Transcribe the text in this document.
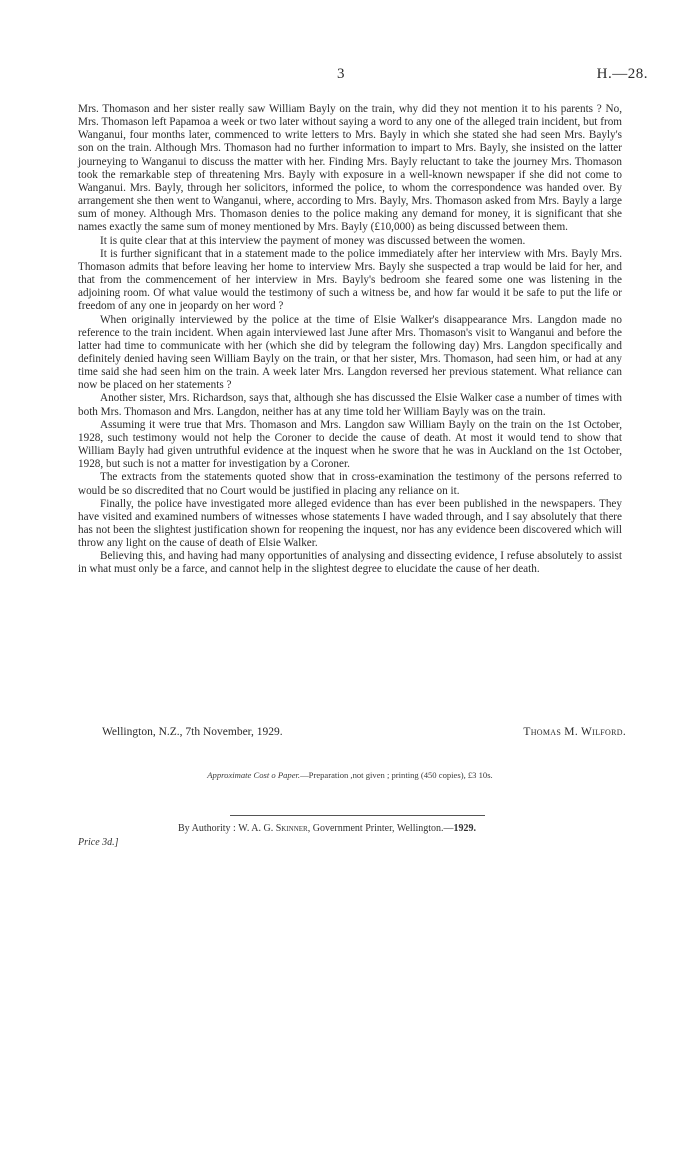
3	H.—28.

Mrs. Thomason and her sister really saw William Bayly on the train, why did they not mention it to his parents ? No, Mrs. Thomason left Papamoa a week or two later without saying a word to any one of the alleged train incident, but from Wanganui, four months later, commenced to write letters to Mrs. Bayly in which she stated she had seen Mrs. Bayly's son on the train. Although Mrs. Thomason had no further information to impart to Mrs. Bayly, she insisted on the latter journeying to Wanganui to discuss the matter with her. Finding Mrs. Bayly reluctant to take the journey Mrs. Thomason took the remarkable step of threatening Mrs. Bayly with exposure in a well-known newspaper if she did not come to Wanganui. Mrs. Bayly, through her solicitors, informed the police, to whom the correspondence was handed over. By arrangement she then went to Wanganui, where, according to Mrs. Bayly, Mrs. Thomason asked from Mrs. Bayly a large sum of money. Although Mrs. Thomason denies to the police making any demand for money, it is significant that she names exactly the same sum of money mentioned by Mrs. Bayly (£10,000) as being discussed between them.

It is quite clear that at this interview the payment of money was discussed between the women.

It is further significant that in a statement made to the police immediately after her interview with Mrs. Bayly Mrs. Thomason admits that before leaving her home to interview Mrs. Bayly she suspected a trap would be laid for her, and that from the commencement of her interview in Mrs. Bayly's bedroom she feared some one was listening in the adjoining room. Of what value would the testimony of such a witness be, and how far would it be safe to put the life or freedom of any one in jeopardy on her word ?

When originally interviewed by the police at the time of Elsie Walker's disappearance Mrs. Langdon made no reference to the train incident. When again interviewed last June after Mrs. Thomason's visit to Wanganui and before the latter had time to communicate with her (which she did by telegram the following day) Mrs. Langdon specifically and definitely denied having seen William Bayly on the train, or that her sister, Mrs. Thomason, had seen him, or had at any time said she had seen him on the train. A week later Mrs. Langdon reversed her previous statement. What reliance can now be placed on her statements ?

Another sister, Mrs. Richardson, says that, although she has discussed the Elsie Walker case a number of times with both Mrs. Thomason and Mrs. Langdon, neither has at any time told her William Bayly was on the train.

Assuming it were true that Mrs. Thomason and Mrs. Langdon saw William Bayly on the train on the 1st October, 1928, such testimony would not help the Coroner to decide the cause of death. At most it would tend to show that William Bayly had given untruthful evidence at the inquest when he swore that he was in Auckland on the 1st October, 1928, but such is not a matter for investigation by a Coroner.

The extracts from the statements quoted show that in cross-examination the testimony of the persons referred to would be so discredited that no Court would be justified in placing any reliance on it.

Finally, the police have investigated more alleged evidence than has ever been published in the newspapers. They have visited and examined numbers of witnesses whose statements I have waded through, and I say absolutely that there has not been the slightest justification shown for reopening the inquest, nor has any evidence been discovered which will throw any light on the cause of death of Elsie Walker.

Believing this, and having had many opportunities of analysing and dissecting evidence, I refuse absolutely to assist in what must only be a farce, and cannot help in the slightest degree to elucidate the cause of her death.

Wellington, N.Z., 7th November, 1929.	Thomas M. Wilford.
Approximate Cost o Paper.—Preparation ,not given ; printing (450 copies), £3 10s.
By Authority : W. A. G. Skinner, Government Printer, Wellington.—1929.
Price 3d.]
